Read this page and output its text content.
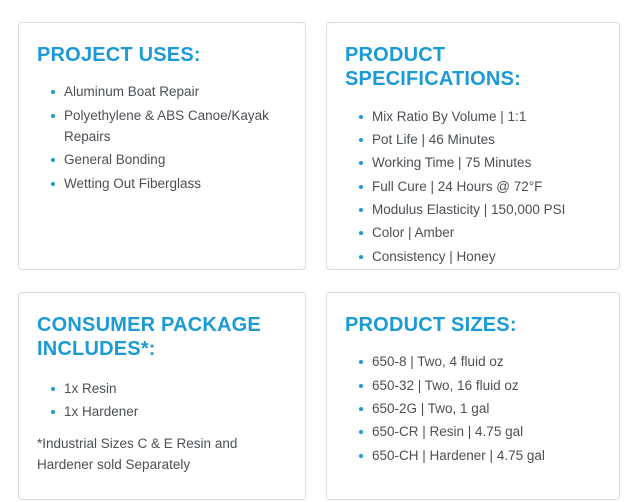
PROJECT USES:
Aluminum Boat Repair
Polyethylene & ABS Canoe/Kayak Repairs
General Bonding
Wetting Out Fiberglass
PRODUCT SPECIFICATIONS:
Mix Ratio By Volume | 1:1
Pot Life | 46 Minutes
Working Time | 75 Minutes
Full Cure | 24 Hours @ 72°F
Modulus Elasticity | 150,000 PSI
Color | Amber
Consistency | Honey
CONSUMER PACKAGE INCLUDES*:
1x Resin
1x Hardener

*Industrial Sizes C & E Resin and Hardener sold Separately

PRODUCT SIZES:
650-8 | Two, 4 fluid oz
650-32 | Two, 16 fluid oz
650-2G | Two, 1 gal
650-CR | Resin | 4.75 gal
650-CH | Hardener | 4.75 gal
